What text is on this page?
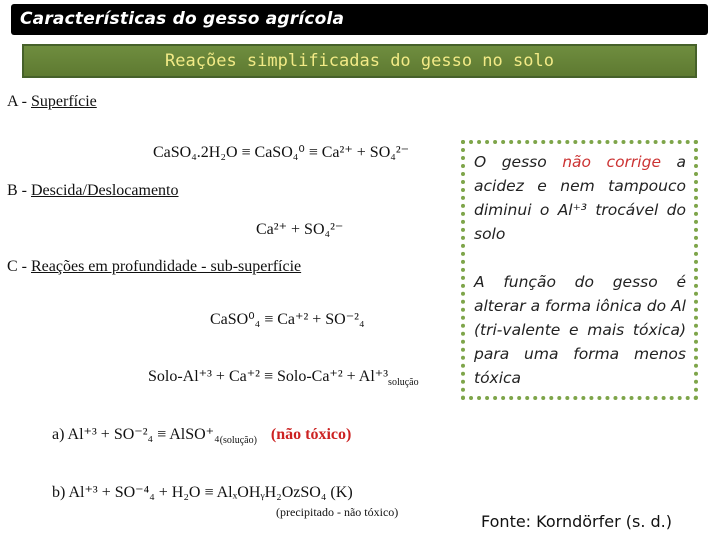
Características do gesso agrícola
Reações simplificadas do gesso no solo
A - Superfície
CaSO₄.2H₂O ≡ CaSO₄⁰ ≡ Ca²⁺ + SO₄²⁻
B - Descida/Deslocamento
Ca²⁺ + SO₄²⁻
C - Reações em profundidade - sub-superfície
CaSO⁰₄ ≡ Ca⁺² + SO⁻²₄
Solo-Al⁺³ + Ca⁺² ≡ Solo-Ca⁺² + $Al^{+3}_{solução}$
a) $Al^{+3} + SO^{-2}_4 \equiv AlSO^+_4_{(solução)}$ (não tóxico)
b) Al⁺³ + SO⁻⁴₄ + H₂O ≡ AlₓOHᵧH₂OzSO₄ (K)
(precipitado - não tóxico)

O gesso não corrige a acidez e nem tampouco diminui o Al⁺³ trocável do solo

A função do gesso é alterar a forma iônica do Al (tri-valente e mais tóxica) para uma forma menos tóxica

Fonte: Korndörfer (s. d.)
